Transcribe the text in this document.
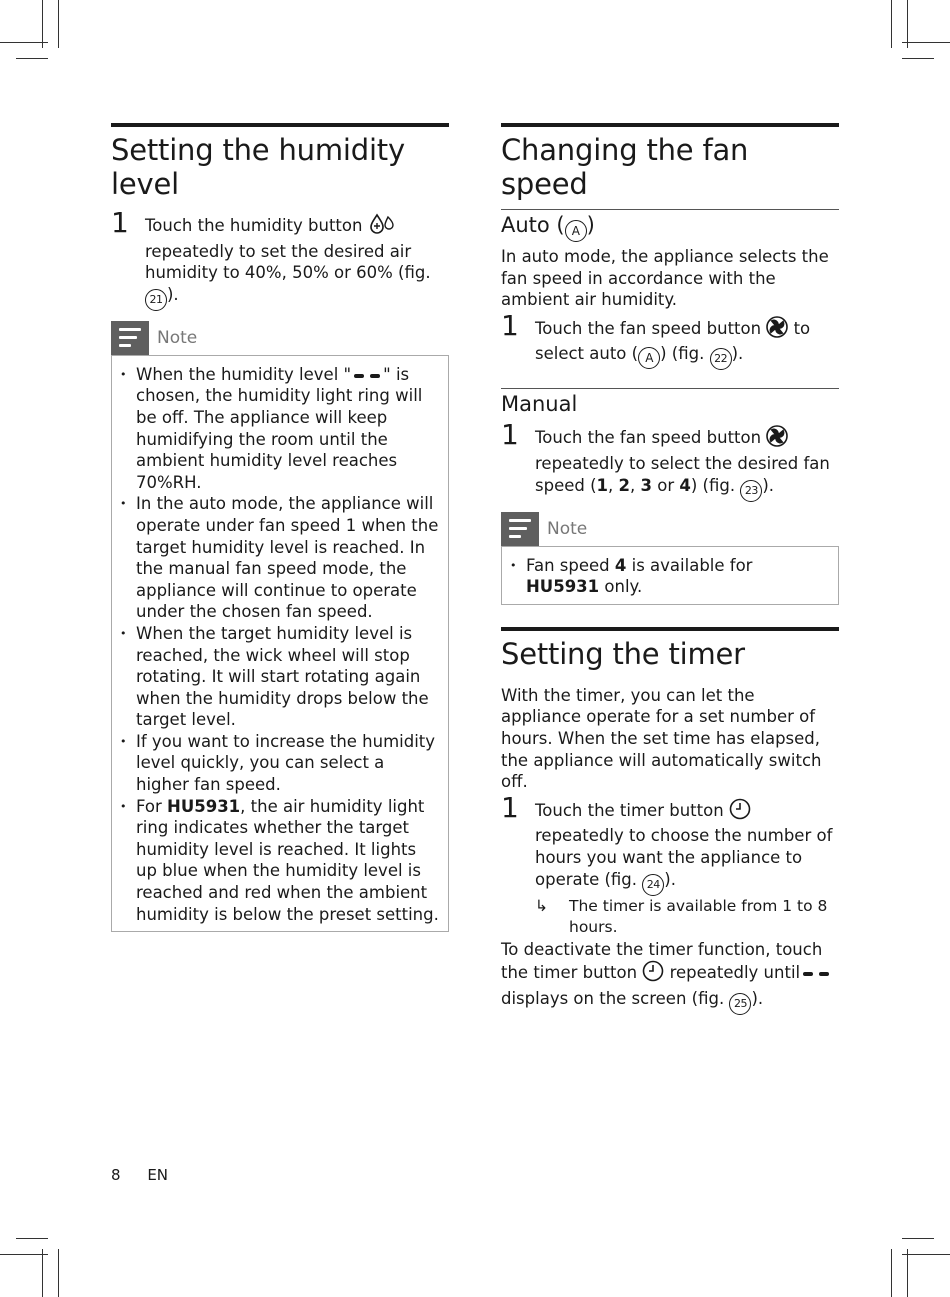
Setting the humidity level
1 Touch the humidity button  repeatedly to set the desired air humidity to 40%, 50% or 60% (fig. 21 ).
Note
• When the humidity level " " is chosen, the humidity light ring will be off. The appliance will keep humidifying the room until the ambient humidity level reaches 70%RH.
• In the auto mode, the appliance will operate under fan speed 1 when the target humidity level is reached. In the manual fan speed mode, the appliance will continue to operate under the chosen fan speed.
• When the target humidity level is reached, the wick wheel will stop rotating. It will start rotating again when the humidity drops below the target level.
• If you want to increase the humidity level quickly, you can select a higher fan speed.
• For HU5931, the air humidity light ring indicates whether the target humidity level is reached. It lights up blue when the humidity level is reached and red when the ambient humidity is below the preset setting.
Changing the fan speed
Auto ( A )

In auto mode, the appliance selects the fan speed in accordance with the ambient air humidity.

1 Touch the fan speed button to select auto ( A ) (fig. 22 ).
Manual
1 Touch the fan speed button  repeatedly to select the desired fan speed (1, 2, 3 or 4) (fig. 23 ).
Note
• Fan speed 4 is available for HU5931 only.
Setting the timer

With the timer, you can let the appliance operate for a set number of hours. When the set time has elapsed, the appliance will automatically switch off.

1 Touch the timer button  repeatedly to choose the number of hours you want the appliance to operate (fig. 24 ).
↳ The timer is available from 1 to 8 hours.

To deactivate the timer function, touch the timer button repeatedly until displays on the screen (fig. 25 ).

8 EN
